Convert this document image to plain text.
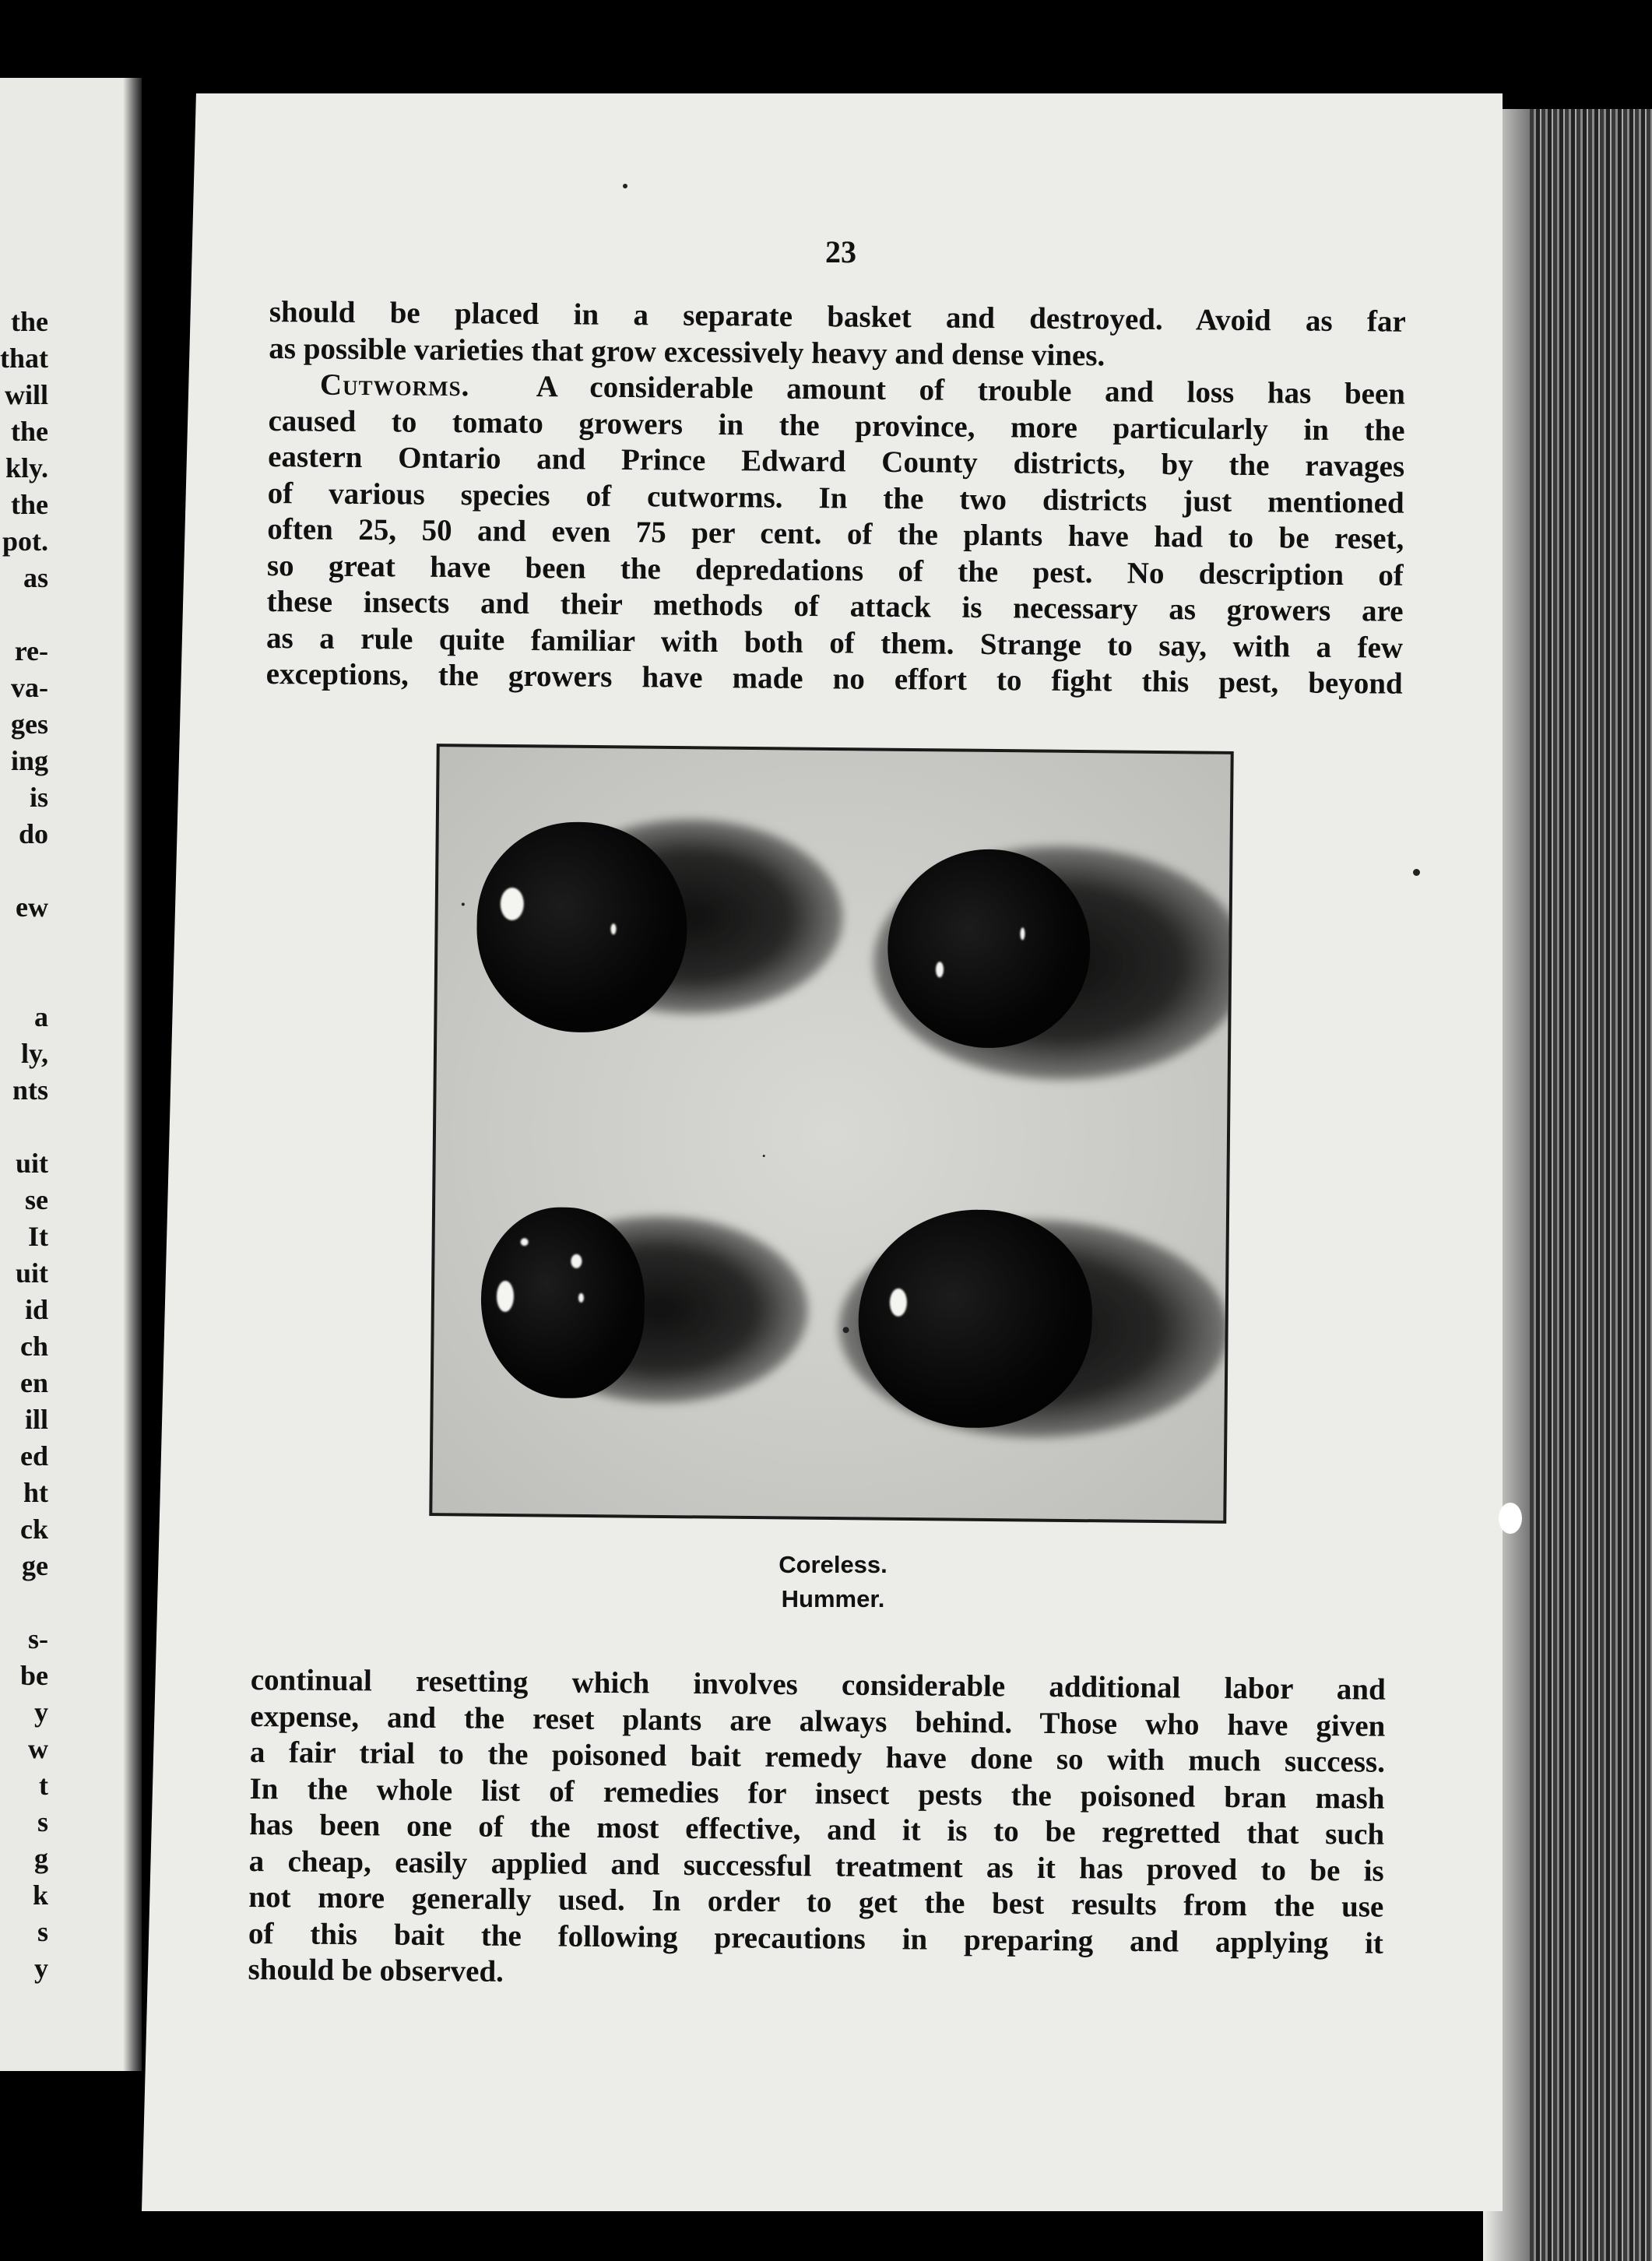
the
that
will
the
kly.
the
pot.
as
re-
va-
ges
ing
is
do
ew
a
ly,
nts
uit
se
It
uit
id
ch
en
ill
ed
ht
ck
ge
s-
be
y
w
t
s
g
k
s
y
23
should be placed in a separate basket and destroyed. Avoid as far
as possible varieties that grow excessively heavy and dense vines.
Cutworms. A considerable amount of trouble and loss has been
caused to tomato growers in the province, more particularly in the
eastern Ontario and Prince Edward County districts, by the ravages
of various species of cutworms. In the two districts just mentioned
often 25, 50 and even 75 per cent. of the plants have had to be reset,
so great have been the depredations of the pest. No description of
these insects and their methods of attack is necessary as growers are
as a rule quite familiar with both of them. Strange to say, with a few
exceptions, the growers have made no effort to fight this pest, beyond
Coreless.
Hummer.
continual resetting which involves considerable additional labor and
expense, and the reset plants are always behind. Those who have given
a fair trial to the poisoned bait remedy have done so with much success.
In the whole list of remedies for insect pests the poisoned bran mash
has been one of the most effective, and it is to be regretted that such
a cheap, easily applied and successful treatment as it has proved to be is
not more generally used. In order to get the best results from the use
of this bait the following precautions in preparing and applying it
should be observed.
